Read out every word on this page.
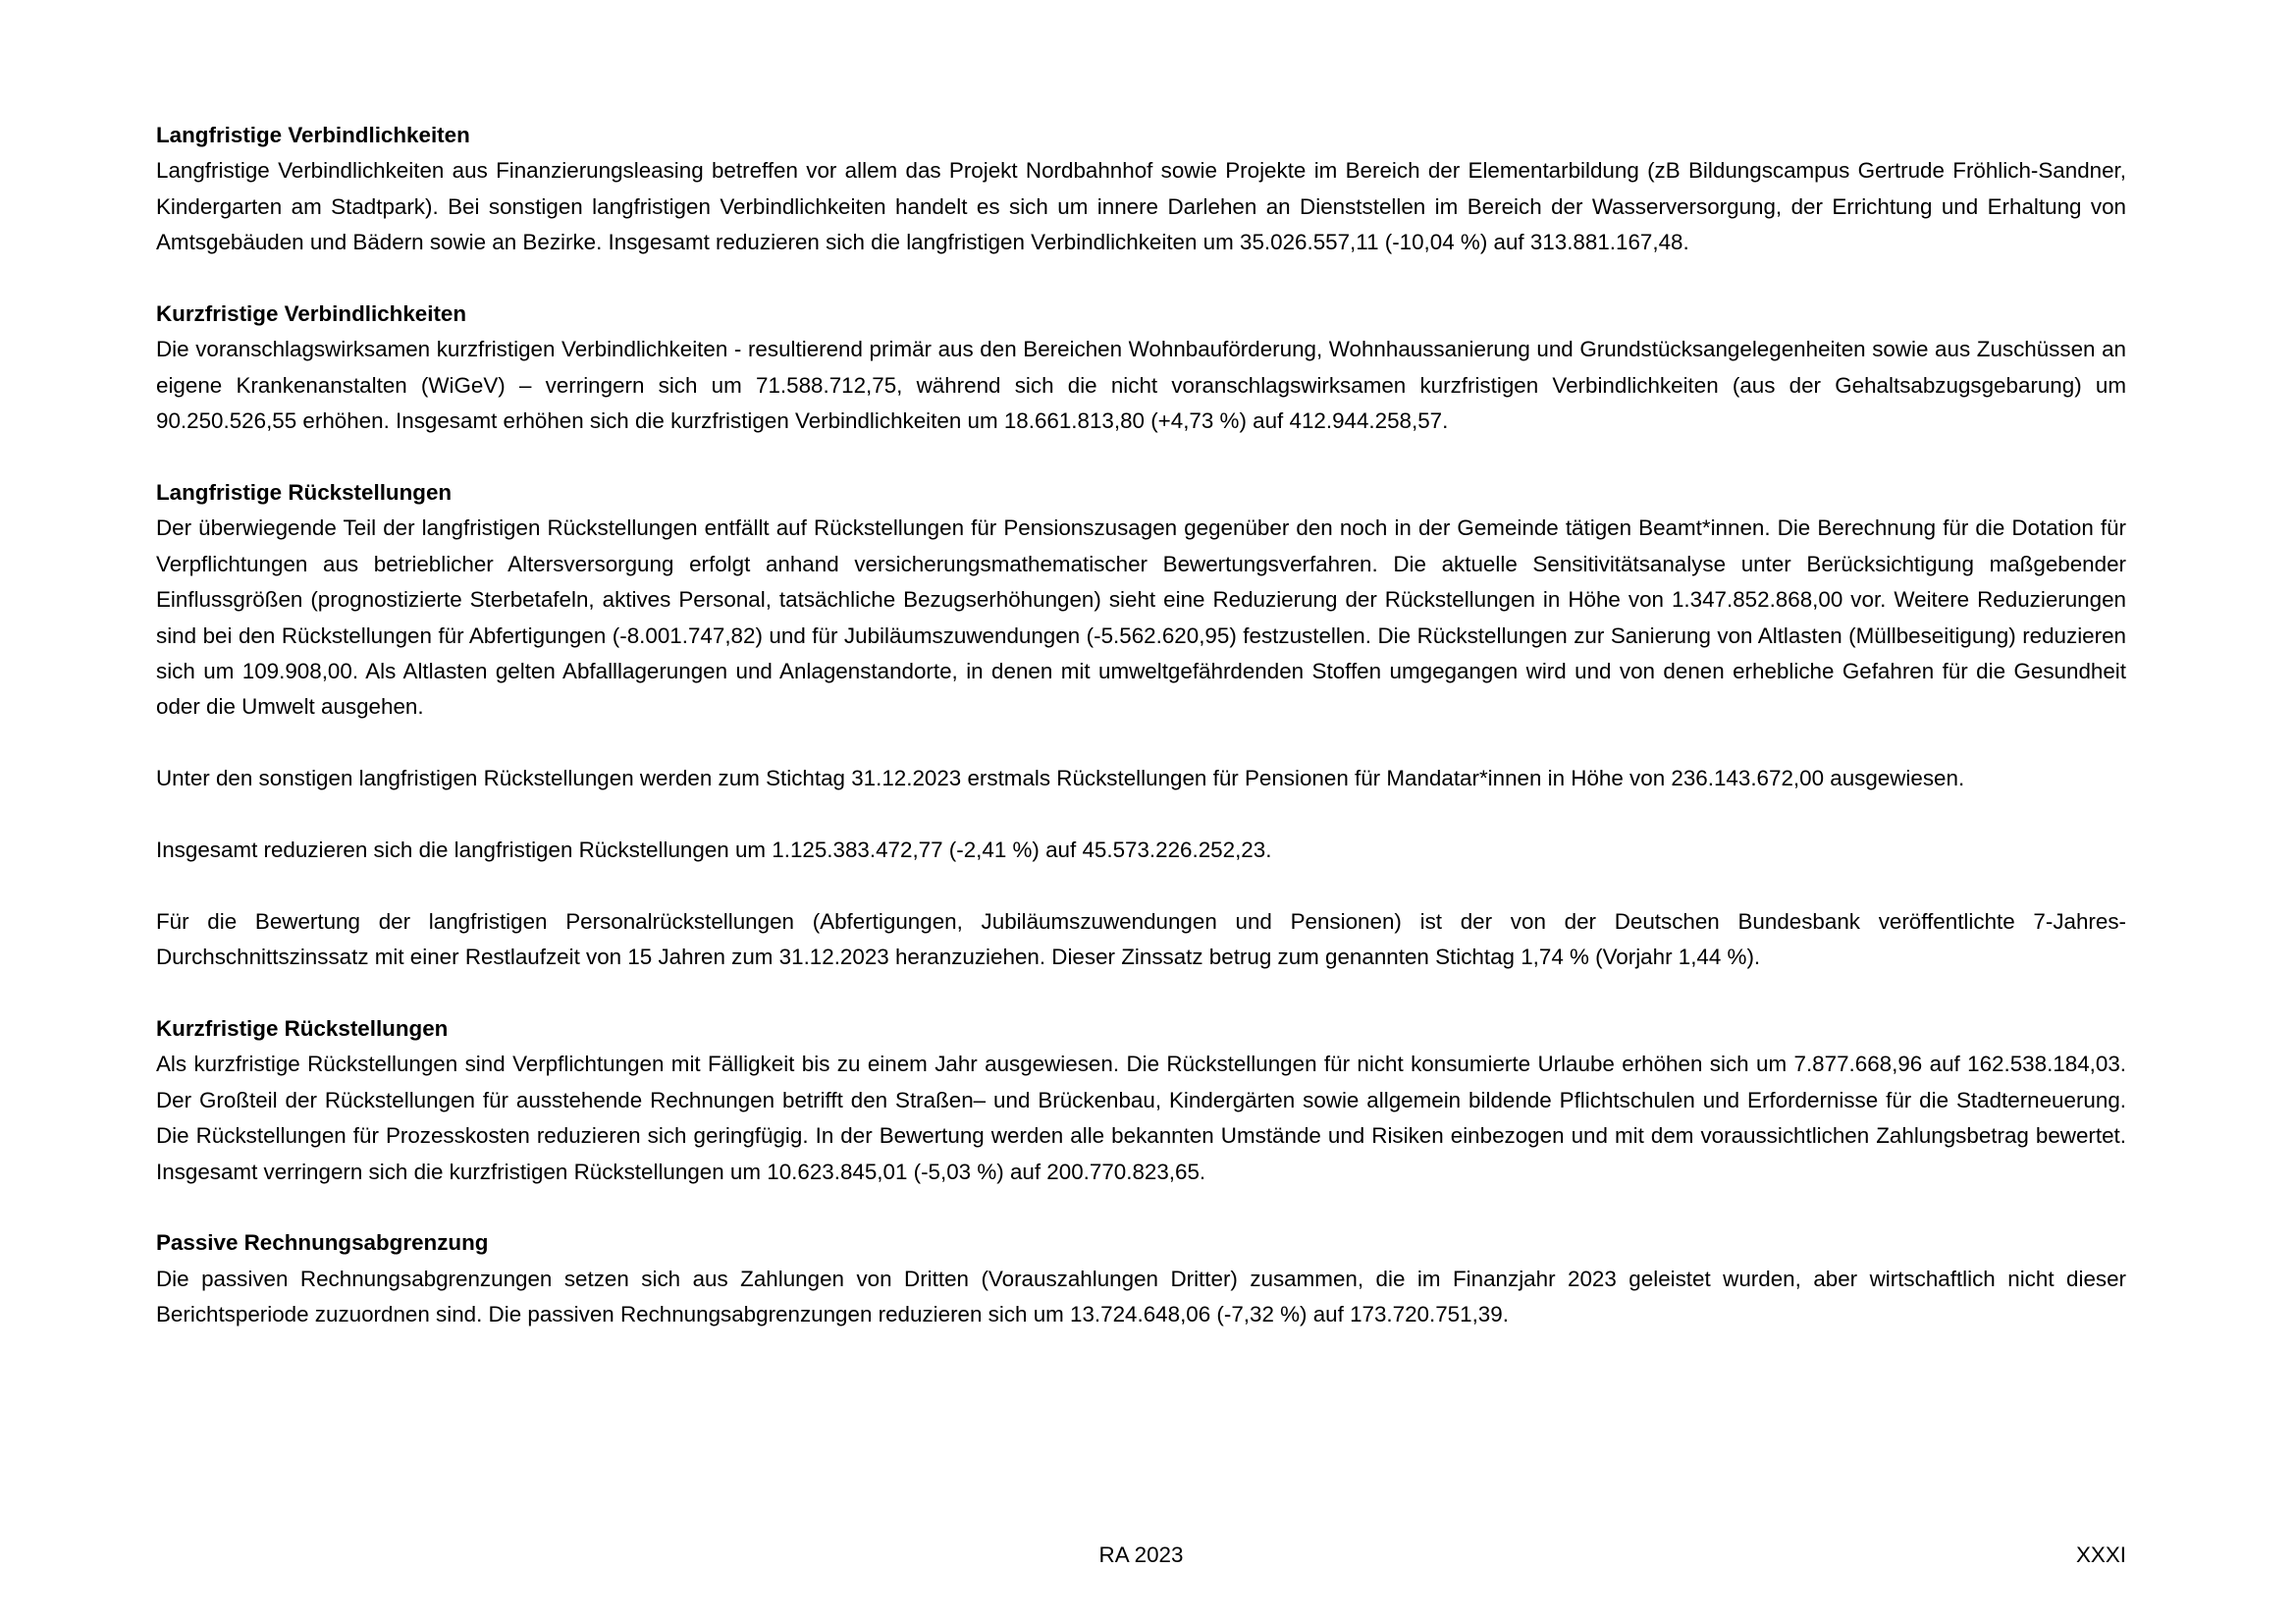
Langfristige Verbindlichkeiten

Langfristige Verbindlichkeiten aus Finanzierungsleasing betreffen vor allem das Projekt Nordbahnhof sowie Projekte im Bereich der Elementarbildung (zB Bildungscampus Gertrude Fröhlich-Sandner, Kindergarten am Stadtpark). Bei sonstigen langfristigen Verbindlichkeiten handelt es sich um innere Darlehen an Dienststellen im Bereich der Wasserversorgung, der Errichtung und Erhaltung von Amtsgebäuden und Bädern sowie an Bezirke. Insgesamt reduzieren sich die langfristigen Verbindlichkeiten um 35.026.557,11 (-10,04 %) auf 313.881.167,48.

Kurzfristige Verbindlichkeiten

Die voranschlagswirksamen kurzfristigen Verbindlichkeiten - resultierend primär aus den Bereichen Wohnbauförderung, Wohnhaussanierung und Grundstücksangelegenheiten sowie aus Zuschüssen an eigene Krankenanstalten (WiGeV) – verringern sich um 71.588.712,75, während sich die nicht voranschlagswirksamen kurzfristigen Verbindlichkeiten (aus der Gehaltsabzugsgebarung) um 90.250.526,55 erhöhen. Insgesamt erhöhen sich die kurzfristigen Verbindlichkeiten um 18.661.813,80 (+4,73 %) auf 412.944.258,57.

Langfristige Rückstellungen

Der überwiegende Teil der langfristigen Rückstellungen entfällt auf Rückstellungen für Pensionszusagen gegenüber den noch in der Gemeinde tätigen Beamt*innen. Die Berechnung für die Dotation für Verpflichtungen aus betrieblicher Altersversorgung erfolgt anhand versicherungsmathematischer Bewertungsverfahren. Die aktuelle Sensitivitätsanalyse unter Berücksichtigung maßgebender Einflussgrößen (prognostizierte Sterbetafeln, aktives Personal, tatsächliche Bezugserhöhungen) sieht eine Reduzierung der Rückstellungen in Höhe von 1.347.852.868,00 vor. Weitere Reduzierungen sind bei den Rückstellungen für Abfertigungen (-8.001.747,82) und für Jubiläumszuwendungen (-5.562.620,95) festzustellen. Die Rückstellungen zur Sanierung von Altlasten (Müllbeseitigung) reduzieren sich um 109.908,00. Als Altlasten gelten Abfalllagerungen und Anlagenstandorte, in denen mit umweltgefährdenden Stoffen umgegangen wird und von denen erhebliche Gefahren für die Gesundheit oder die Umwelt ausgehen.

Unter den sonstigen langfristigen Rückstellungen werden zum Stichtag 31.12.2023 erstmals Rückstellungen für Pensionen für Mandatar*innen in Höhe von 236.143.672,00 ausgewiesen.

Insgesamt reduzieren sich die langfristigen Rückstellungen um 1.125.383.472,77 (-2,41 %) auf 45.573.226.252,23.

Für die Bewertung der langfristigen Personalrückstellungen (Abfertigungen, Jubiläumszuwendungen und Pensionen) ist der von der Deutschen Bundesbank veröffentlichte 7-Jahres-Durchschnittszinssatz mit einer Restlaufzeit von 15 Jahren zum 31.12.2023 heranzuziehen. Dieser Zinssatz betrug zum genannten Stichtag 1,74 % (Vorjahr 1,44 %).

Kurzfristige Rückstellungen

Als kurzfristige Rückstellungen sind Verpflichtungen mit Fälligkeit bis zu einem Jahr ausgewiesen. Die Rückstellungen für nicht konsumierte Urlaube erhöhen sich um 7.877.668,96 auf 162.538.184,03. Der Großteil der Rückstellungen für ausstehende Rechnungen betrifft den Straßen– und Brückenbau, Kindergärten sowie allgemein bildende Pflichtschulen und Erfordernisse für die Stadterneuerung. Die Rückstellungen für Prozesskosten reduzieren sich geringfügig. In der Bewertung werden alle bekannten Umstände und Risiken einbezogen und mit dem voraussichtlichen Zahlungsbetrag bewertet. Insgesamt verringern sich die kurzfristigen Rückstellungen um 10.623.845,01 (-5,03 %) auf 200.770.823,65.

Passive Rechnungsabgrenzung

Die passiven Rechnungsabgrenzungen setzen sich aus Zahlungen von Dritten (Vorauszahlungen Dritter) zusammen, die im Finanzjahr 2023 geleistet wurden, aber wirtschaftlich nicht dieser Berichtsperiode zuzuordnen sind. Die passiven Rechnungsabgrenzungen reduzieren sich um 13.724.648,06 (-7,32 %) auf 173.720.751,39.

RA 2023	XXXI
